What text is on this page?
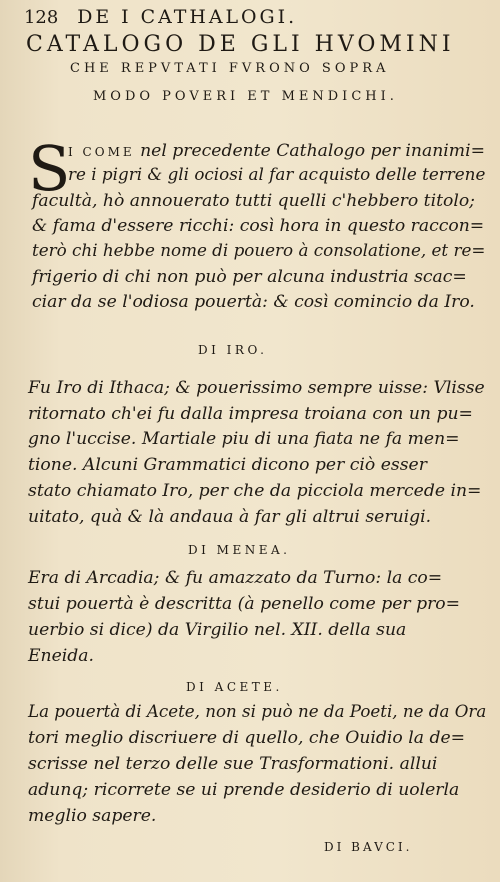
128 DE I CATHALOGI.
CATALOGO DE GLI HVOMINI
CHE REPVTATI FVRONO SOPRA
MODO POVERI ET MENDICHI.
S
I COME nel precedente Cathalogo per inanimi=
re i pigri & gli ociosi al far acquisto delle terrene
facultà, hò annouerato tutti quelli c'hebbero titolo;
& fama d'essere ricchi: così hora in questo raccon=
terò chi hebbe nome di pouero à consolatione, et re=
frigerio di chi non può per alcuna industria scac=
ciar da se l'odiosa pouertà: & così comincio da Iro.
DI IRO.
Fu Iro di Ithaca; & pouerissimo sempre uisse: Vlisse
ritornato ch'ei fu dalla impresa troiana con un pu=
gno l'uccise. Martiale piu di una fiata ne fa men=
tione. Alcuni Grammatici dicono per ciò esser
stato chiamato Iro, per che da picciola mercede in=
uitato, quà & là andaua à far gli altrui seruigi.
DI MENEA.
Era di Arcadia; & fu amazzato da Turno: la co=
stui pouertà è descritta (à penello come per pro=
uerbio si dice) da Virgilio nel. XII. della sua
Eneida.
DI ACETE.
La pouertà di Acete, non si può ne da Poeti, ne da Ora
tori meglio discriuere di quello, che Ouidio la de=
scrisse nel terzo delle sue Trasformationi. allui
adunq; ricorrete se ui prende desiderio di uolerla
meglio sapere.
DI BAVCI.
